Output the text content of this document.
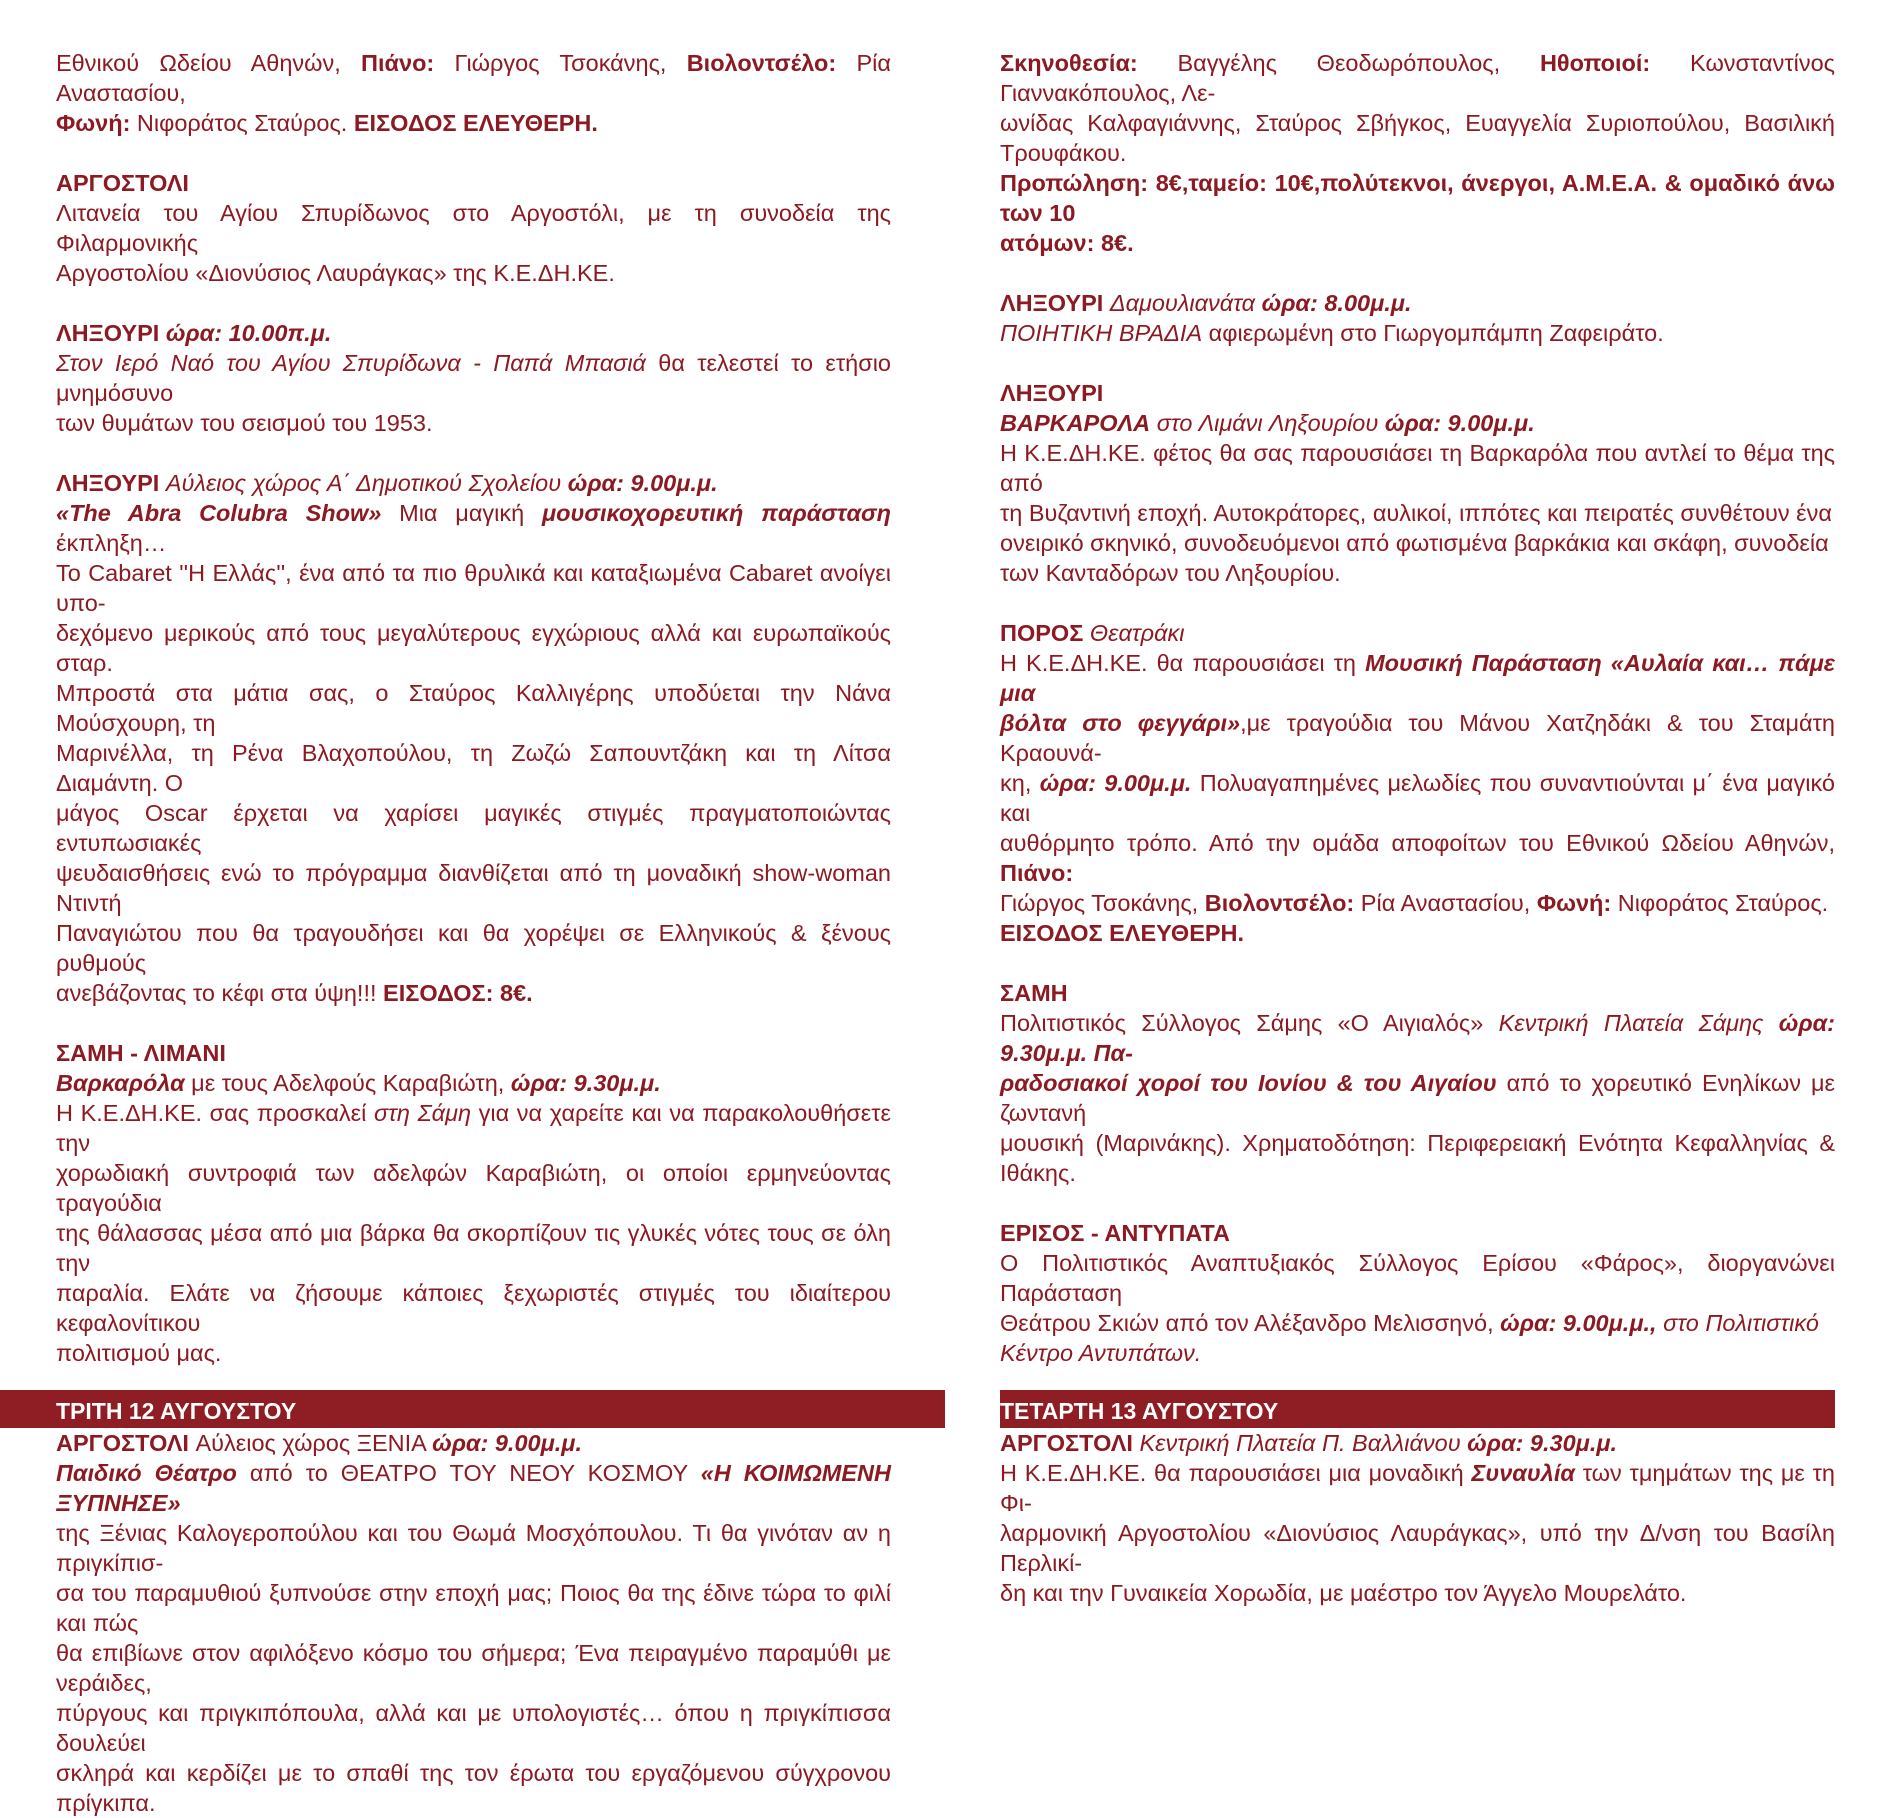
Εθνικού Ωδείου Αθηνών, Πιάνο: Γιώργος Τσοκάνης, Βιολοντσέλο: Ρία Αναστασίου,
Φωνή: Νιφοράτος Σταύρος. ΕΙΣΟΔΟΣ ΕΛΕΥΘΕΡΗ.
ΑΡΓΟΣΤΟΛΙ
Λιτανεία του Αγίου Σπυρίδωνος στο Αργοστόλι, με τη συνοδεία της Φιλαρμονικής
Αργοστολίου «Διονύσιος Λαυράγκας» της Κ.Ε.ΔΗ.ΚΕ.
ΛΗΞΟΥΡΙ ώρα: 10.00π.μ.
Στον Ιερό Ναό του Αγίου Σπυρίδωνα - Παπά Μπασιά θα τελεστεί το ετήσιο μνημόσυνο
των θυμάτων του σεισμού του 1953.
ΛΗΞΟΥΡΙ Αύλειος χώρος Α΄ Δημοτικού Σχολείου ώρα: 9.00μ.μ.
«The Abra Colubra Show» Μια μαγική μουσικοχορευτική παράσταση έκπληξη…
Το Cabaret ''Η Ελλάς'', ένα από τα πιο θρυλικά και καταξιωμένα Cabaret ανοίγει υπο-
δεχόμενο μερικούς από τους μεγαλύτερους εγχώριους αλλά και ευρωπαϊκούς σταρ.
Μπροστά στα μάτια σας, ο Σταύρος Καλλιγέρης υποδύεται την Νάνα Μούσχουρη, τη
Μαρινέλλα, τη Ρένα Βλαχοπούλου, τη Ζωζώ Σαπουντζάκη και τη Λίτσα Διαμάντη. Ο
μάγος Oscar έρχεται να χαρίσει μαγικές στιγμές πραγματοποιώντας εντυπωσιακές
ψευδαισθήσεις ενώ το πρόγραμμα διανθίζεται από τη μοναδική show-woman Ντιντή
Παναγιώτου που θα τραγουδήσει και θα χορέψει σε Ελληνικούς & ξένους ρυθμούς
ανεβάζοντας το κέφι στα ύψη!!! ΕΙΣΟΔΟΣ: 8€.
ΣΑΜΗ - ΛΙΜΑΝΙ
Βαρκαρόλα με τους Αδελφούς Καραβιώτη, ώρα: 9.30μ.μ.
Η Κ.Ε.ΔΗ.ΚΕ. σας προσκαλεί στη Σάμη για να χαρείτε και να παρακολουθήσετε την
χορωδιακή συντροφιά των αδελφών Καραβιώτη, οι οποίοι ερμηνεύοντας τραγούδια
της θάλασσας μέσα από μια βάρκα θα σκορπίζουν τις γλυκές νότες τους σε όλη την
παραλία. Ελάτε να ζήσουμε κάποιες ξεχωριστές στιγμές του ιδιαίτερου κεφαλονίτικου
πολιτισμού μας.
ΤΡΙΤΗ 12 ΑΥΓΟΥΣΤΟΥ
ΑΡΓΟΣΤΟΛΙ Αύλειος χώρος ΞΕΝΙΑ ώρα: 9.00μ.μ.
Παιδικό Θέατρο από το ΘΕΑΤΡΟ ΤΟΥ ΝΕΟΥ ΚΟΣΜΟΥ «Η ΚΟΙΜΩΜΕΝΗ ΞΥΠΝΗΣΕ»
της Ξένιας Καλογεροπούλου και του Θωμά Μοσχόπουλου. Τι θα γινόταν αν η πριγκίπισ-
σα του παραμυθιού ξυπνούσε στην εποχή μας; Ποιος θα της έδινε τώρα το φιλί και πώς
θα επιβίωνε στον αφιλόξενο κόσμο του σήμερα; Ένα πειραγμένο παραμύθι με νεράιδες,
πύργους και πριγκιπόπουλα, αλλά και με υπολογιστές… όπου η πριγκίπισσα δουλεύει
σκληρά και κερδίζει με το σπαθί της τον έρωτα του εργαζόμενου σύγχρονου πρίγκιπα.
Σκηνοθεσία: Βαγγέλης Θεοδωρόπουλος, Ηθοποιοί: Κωνσταντίνος Γιαννακόπουλος, Λε-
ωνίδας Καλφαγιάννης, Σταύρος Σβήγκος, Ευαγγελία Συριοπούλου, Βασιλική Τρουφάκου.
Προπώληση: 8€,ταμείο: 10€,πολύτεκνοι, άνεργοι, Α.Μ.Ε.Α. & ομαδικό άνω των 10
ατόμων: 8€.
ΛΗΞΟΥΡΙ Δαμουλιανάτα ώρα: 8.00μ.μ.
ΠΟΙΗΤΙΚΗ ΒΡΑΔΙΑ αφιερωμένη στο Γιωργομπάμπη Ζαφειράτο.
ΛΗΞΟΥΡΙ
ΒΑΡΚΑΡΟΛΑ στο Λιμάνι Ληξουρίου ώρα: 9.00μ.μ.
Η Κ.Ε.ΔΗ.ΚΕ. φέτος θα σας παρουσιάσει τη Βαρκαρόλα που αντλεί το θέμα της από
τη Βυζαντινή εποχή. Αυτοκράτορες, αυλικοί, ιππότες και πειρατές συνθέτουν ένα
ονειρικό σκηνικό, συνοδευόμενοι από φωτισμένα βαρκάκια και σκάφη, συνοδεία
των Κανταδόρων του Ληξουρίου.
ΠΟΡΟΣ Θεατράκι
Η Κ.Ε.ΔΗ.ΚΕ. θα παρουσιάσει τη Μουσική Παράσταση «Αυλαία και… πάμε μια
βόλτα στο φεγγάρι»,με τραγούδια του Μάνου Χατζηδάκι & του Σταμάτη Κραουνά-
κη, ώρα: 9.00μ.μ. Πολυαγαπημένες μελωδίες που συναντιούνται μ΄ ένα μαγικό και
αυθόρμητο τρόπο. Από την ομάδα αποφοίτων του Εθνικού Ωδείου Αθηνών, Πιάνο:
Γιώργος Τσοκάνης, Βιολοντσέλο: Ρία Αναστασίου, Φωνή: Νιφοράτος Σταύρος.
ΕΙΣΟΔΟΣ ΕΛΕΥΘΕΡΗ.
ΣΑΜΗ
Πολιτιστικός Σύλλογος Σάμης «Ο Αιγιαλός» Κεντρική Πλατεία Σάμης ώρα: 9.30μ.μ. Πα-
ραδοσιακοί χοροί του Ιονίου & του Αιγαίου από το χορευτικό Ενηλίκων με ζωντανή
μουσική (Μαρινάκης). Χρηματοδότηση: Περιφερειακή Ενότητα Κεφαλληνίας & Ιθάκης.
ΕΡΙΣΟΣ - ΑΝΤΥΠΑΤΑ
Ο Πολιτιστικός Αναπτυξιακός Σύλλογος Ερίσου «Φάρος», διοργανώνει Παράσταση
Θεάτρου Σκιών από τον Αλέξανδρο Μελισσηνό, ώρα: 9.00μ.μ., στο Πολιτιστικό
Κέντρο Αντυπάτων.
ΤΕΤΑΡΤΗ 13 ΑΥΓΟΥΣΤΟΥ
ΑΡΓΟΣΤΟΛΙ Κεντρική Πλατεία Π. Βαλλιάνου ώρα: 9.30μ.μ.
Η Κ.Ε.ΔΗ.ΚΕ. θα παρουσιάσει μια μοναδική Συναυλία των τμημάτων της με τη Φι-
λαρμονική Αργοστολίου «Διονύσιος Λαυράγκας», υπό την Δ/νση του Βασίλη Περλικί-
δη και την Γυναικεία Χορωδία, με μαέστρο τον Άγγελο Μουρελάτο.
